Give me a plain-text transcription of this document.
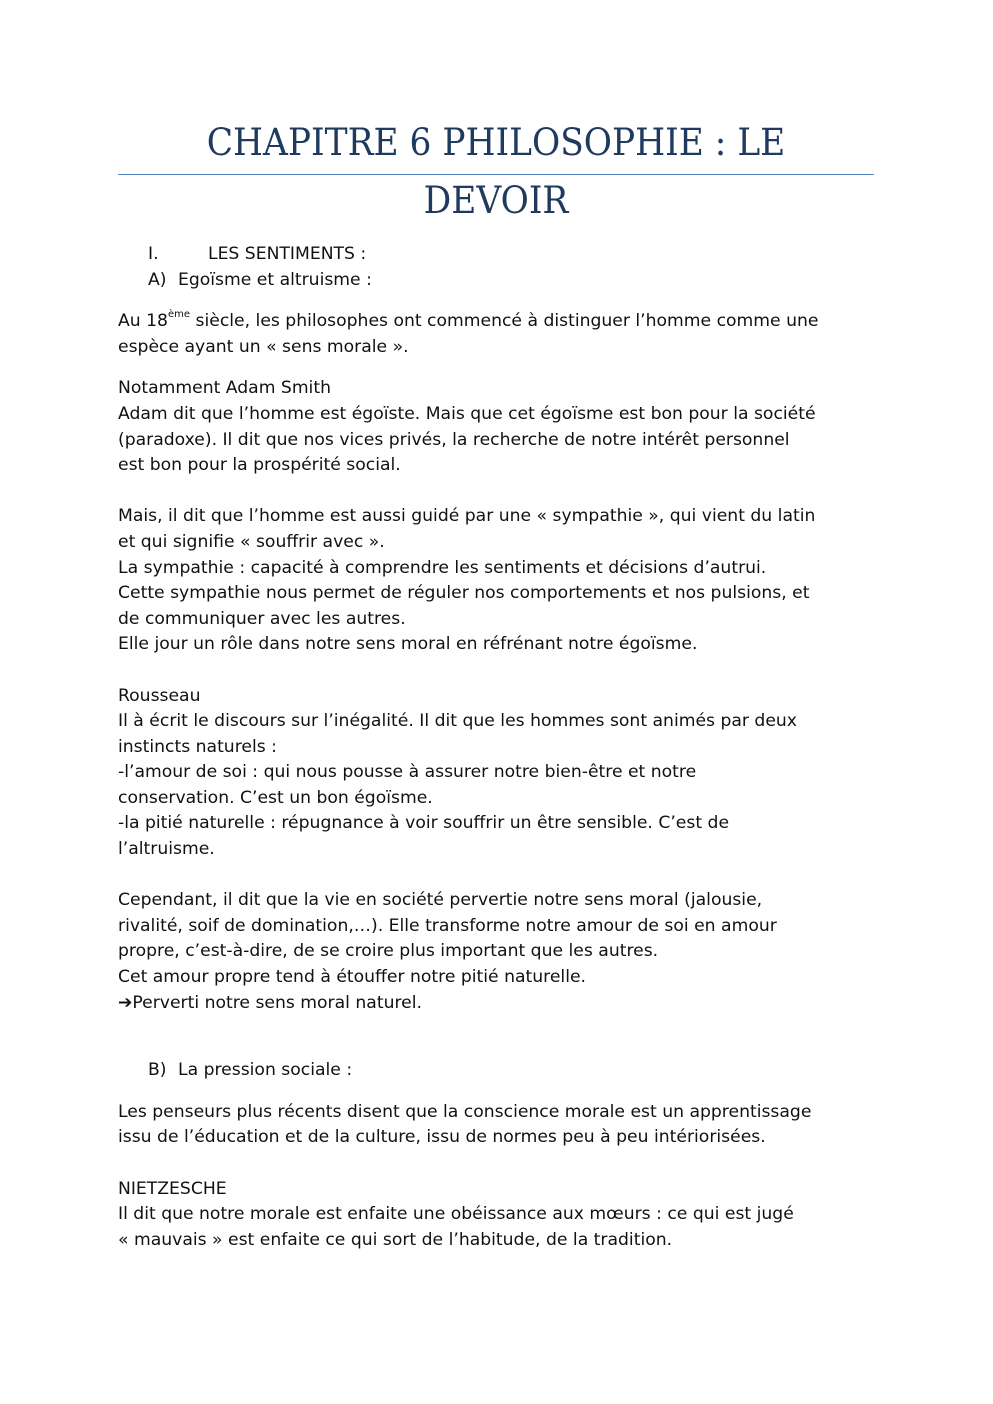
CHAPITRE 6 PHILOSOPHIE : LE DEVOIR
I.	LES SENTIMENTS :
A) Egoïsme et altruisme :
Au 18ème siècle, les philosophes ont commencé à distinguer l’homme comme une
espèce ayant un « sens morale ».
Notamment Adam Smith
Adam dit que l’homme est égoïste. Mais que cet égoïsme est bon pour la société
(paradoxe). Il dit que nos vices privés, la recherche de notre intérêt personnel
est bon pour la prospérité social.
Mais, il dit que l’homme est aussi guidé par une « sympathie », qui vient du latin
et qui signifie « souffrir avec ».
La sympathie : capacité à comprendre les sentiments et décisions d’autrui.
Cette sympathie nous permet de réguler nos comportements et nos pulsions, et
de communiquer avec les autres.
Elle jour un rôle dans notre sens moral en réfrénant notre égoïsme.
Rousseau
Il à écrit le discours sur l’inégalité. Il dit que les hommes sont animés par deux
instincts naturels :
-l’amour de soi : qui nous pousse à assurer notre bien-être et notre
conservation. C’est un bon égoïsme.
-la pitié naturelle : répugnance à voir souffrir un être sensible. C’est de
l’altruisme.
Cependant, il dit que la vie en société pervertie notre sens moral (jalousie,
rivalité, soif de domination,…). Elle transforme notre amour de soi en amour
propre, c’est-à-dire, de se croire plus important que les autres.
Cet amour propre tend à étouffer notre pitié naturelle.
➔Perverti notre sens moral naturel.
B) La pression sociale :
Les penseurs plus récents disent que la conscience morale est un apprentissage
issu de l’éducation et de la culture, issu de normes peu à peu intériorisées.
NIETZESCHE
Il dit que notre morale est enfaite une obéissance aux mœurs : ce qui est jugé
« mauvais » est enfaite ce qui sort de l’habitude, de la tradition.
